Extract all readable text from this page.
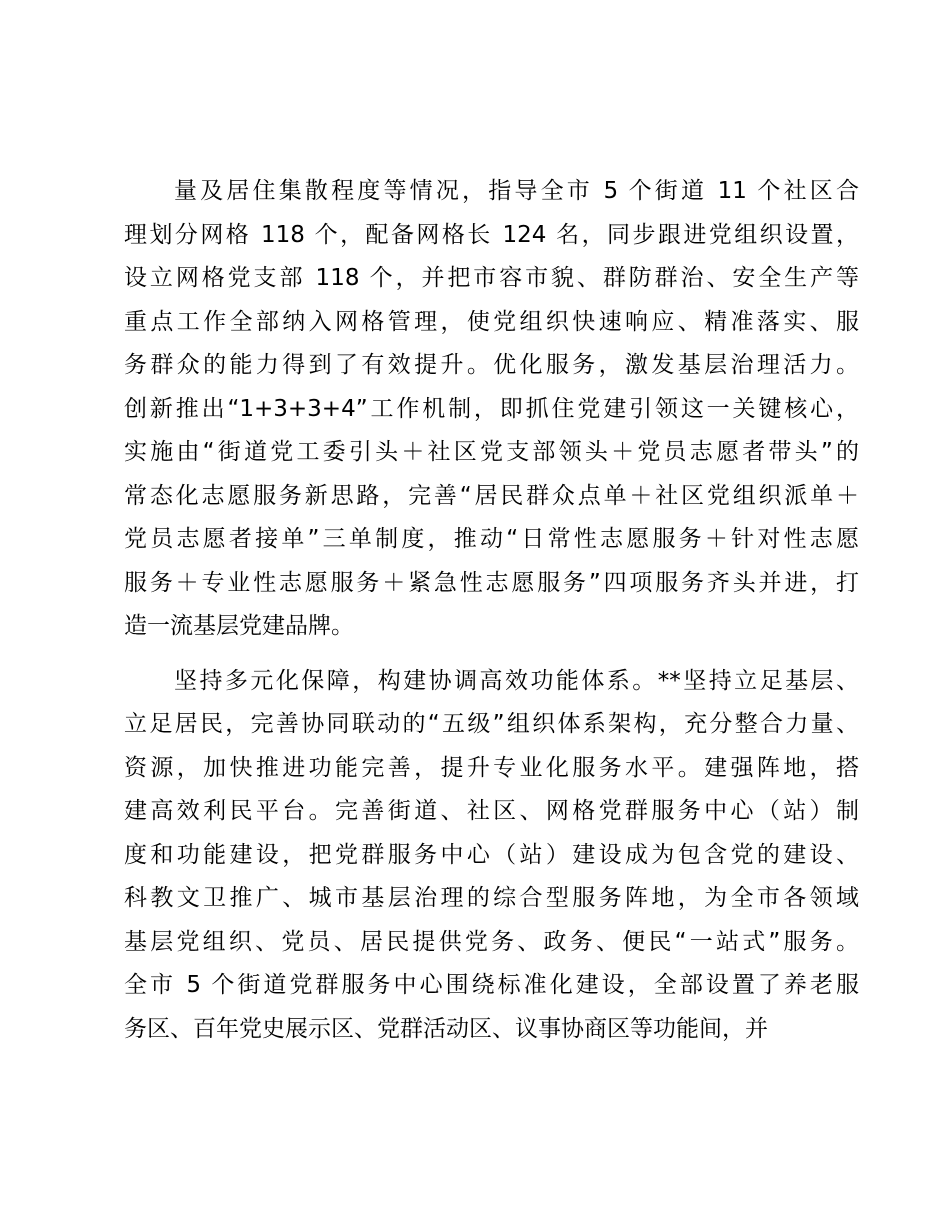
量及居住集散程度等情况，指导全市 5 个街道 11 个社区合
理划分网格 118 个，配备网格长 124 名，同步跟进党组织设置，
设立网格党支部 118 个，并把市容市貌、群防群治、安全生产等
重点工作全部纳入网格管理，使党组织快速响应、精准落实、服
务群众的能力得到了有效提升。优化服务，激发基层治理活力。
创新推出“1+3+3+4”工作机制，即抓住党建引领这一关键核心，
实施由“街道党工委引头＋社区党支部领头＋党员志愿者带头”的
常态化志愿服务新思路，完善“居民群众点单＋社区党组织派单＋
党员志愿者接单”三单制度，推动“日常性志愿服务＋针对性志愿
服务＋专业性志愿服务＋紧急性志愿服务”四项服务齐头并进，打
造一流基层党建品牌。
坚持多元化保障，构建协调高效功能体系。**坚持立足基层、
立足居民，完善协同联动的“五级”组织体系架构，充分整合力量、
资源，加快推进功能完善，提升专业化服务水平。建强阵地，搭
建高效利民平台。完善街道、社区、网格党群服务中心（站）制
度和功能建设，把党群服务中心（站）建设成为包含党的建设、
科教文卫推广、城市基层治理的综合型服务阵地，为全市各领域
基层党组织、党员、居民提供党务、政务、便民“一站式”服务。
全市 5 个街道党群服务中心围绕标准化建设，全部设置了养老服
务区、百年党史展示区、党群活动区、议事协商区等功能间，并
